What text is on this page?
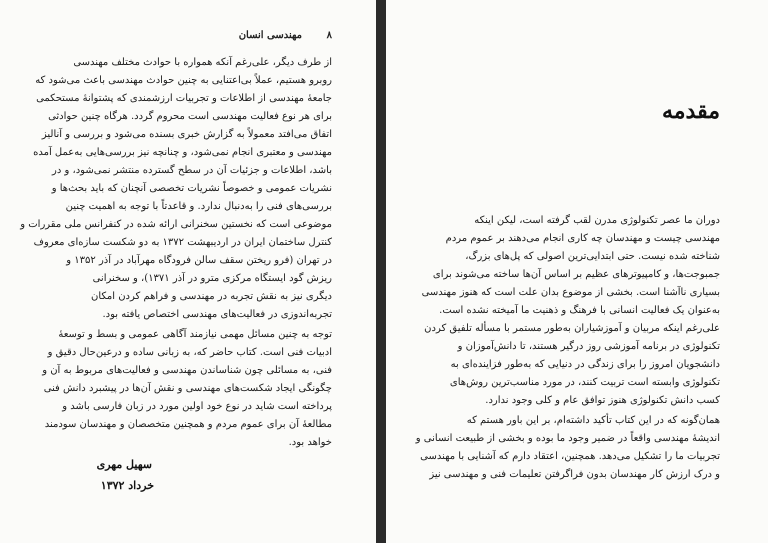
مهندسی انسان ۸
از طرف دیگر، علی‌رغم آنکه همواره با حوادث مختلف مهندسی
روبرو هستیم، عملاً بی‌اعتنایی به چنین حوادث مهندسی باعث می‌شود که
جامعهٔ مهندسی از اطلاعات و تجربیات ارزشمندی که پشتوانهٔ مستحکمی
برای هر نوع فعالیت مهندسی است محروم گردد. هرگاه چنین حوادثی
اتفاق می‌افتد معمولاً به گزارش خبری بسنده می‌شود و بررسی و آنالیز
مهندسی و معتبری انجام نمی‌شود، و چنانچه نیز بررسی‌هایی به‌عمل آمده
باشد، اطلاعات و جزئیات آن در سطح گسترده منتشر نمی‌شود، و در
نشریات عمومی و خصوصاً نشریات تخصصی آنچنان که باید بحث‌ها و
بررسی‌های فنی را به‌دنبال ندارد. و قاعدتاً با توجه به اهمیت چنین
موضوعی است که نخستین سخنرانی ارائه شده در کنفرانس ملی مقررات و
کنترل ساختمان ایران در اردیبهشت ۱۳۷۲ به دو شکست سازه‌ای معروف
در تهران (فرو ریختن سقف سالن فرودگاه مهرآباد در آذر ۱۳۵۲ و
ریزش گود ایستگاه مرکزی مترو در آذر ۱۳۷۱)، و سخنرانی
دیگری نیز به نقش تجربه در مهندسی و فراهم کردن امکان
تجربه‌اندوزی در فعالیت‌های مهندسی اختصاص یافته بود.
توجه به چنین مسائل مهمی نیازمند آگاهی عمومی و بسط و توسعهٔ
ادبیات فنی است. کتاب حاضر که، به زبانی ساده و درعین‌حال دقیق و
فنی، به مسائلی چون شناساندن مهندسی و فعالیت‌های مربوط به آن و
چگونگی ایجاد شکست‌های مهندسی و نقش آن‌ها در پیشبرد دانش فنی
پرداخته است شاید در نوع خود اولین مورد در زبان فارسی باشد و
مطالعهٔ آن برای عموم مردم و همچنین متخصصان و مهندسان سودمند
خواهد بود.
سهیل مهری
خرداد ۱۳۷۲
مقدمه
دوران ما عصر تکنولوژی مدرن لقب گرفته است، لیکن اینکه
مهندسی چیست و مهندسان چه کاری انجام می‌دهند بر عموم مردم
شناخته شده نیست. حتی ابتدایی‌ترین اصولی که پل‌های بزرگ،
جمبوجت‌ها، و کامپیوترهای عظیم بر اساس آن‌ها ساخته می‌شوند برای
بسیاری ناآشنا است. بخشی از موضوع بدان علت است که هنوز مهندسی
به‌عنوان یک فعالیت انسانی با فرهنگ و ذهنیت ما آمیخته نشده است.
علی‌رغم اینکه مربیان و آموزشیاران به‌طور مستمر با مسأله تلفیق کردن
تکنولوژی در برنامه آموزشی روز درگیر هستند، تا دانش‌آموزان و
دانشجویان امروز را برای زندگی در دنیایی که به‌طور فزاینده‌ای به
تکنولوژی وابسته است تربیت کنند، در مورد مناسب‌ترین روش‌های
کسب دانش تکنولوژی هنوز توافق عام و کلی وجود ندارد.
همان‌گونه که در این کتاب تأکید داشته‌ام، بر این باور هستم که
اندیشهٔ مهندسی واقعاً در ضمیر وجود ما بوده و بخشی از طبیعت انسانی و
تجربیات ما را تشکیل می‌دهد. همچنین، اعتقاد دارم که آشنایی با مهندسی
و درک ارزش کار مهندسان بدون فراگرفتن تعلیمات فنی و مهندسی نیز
